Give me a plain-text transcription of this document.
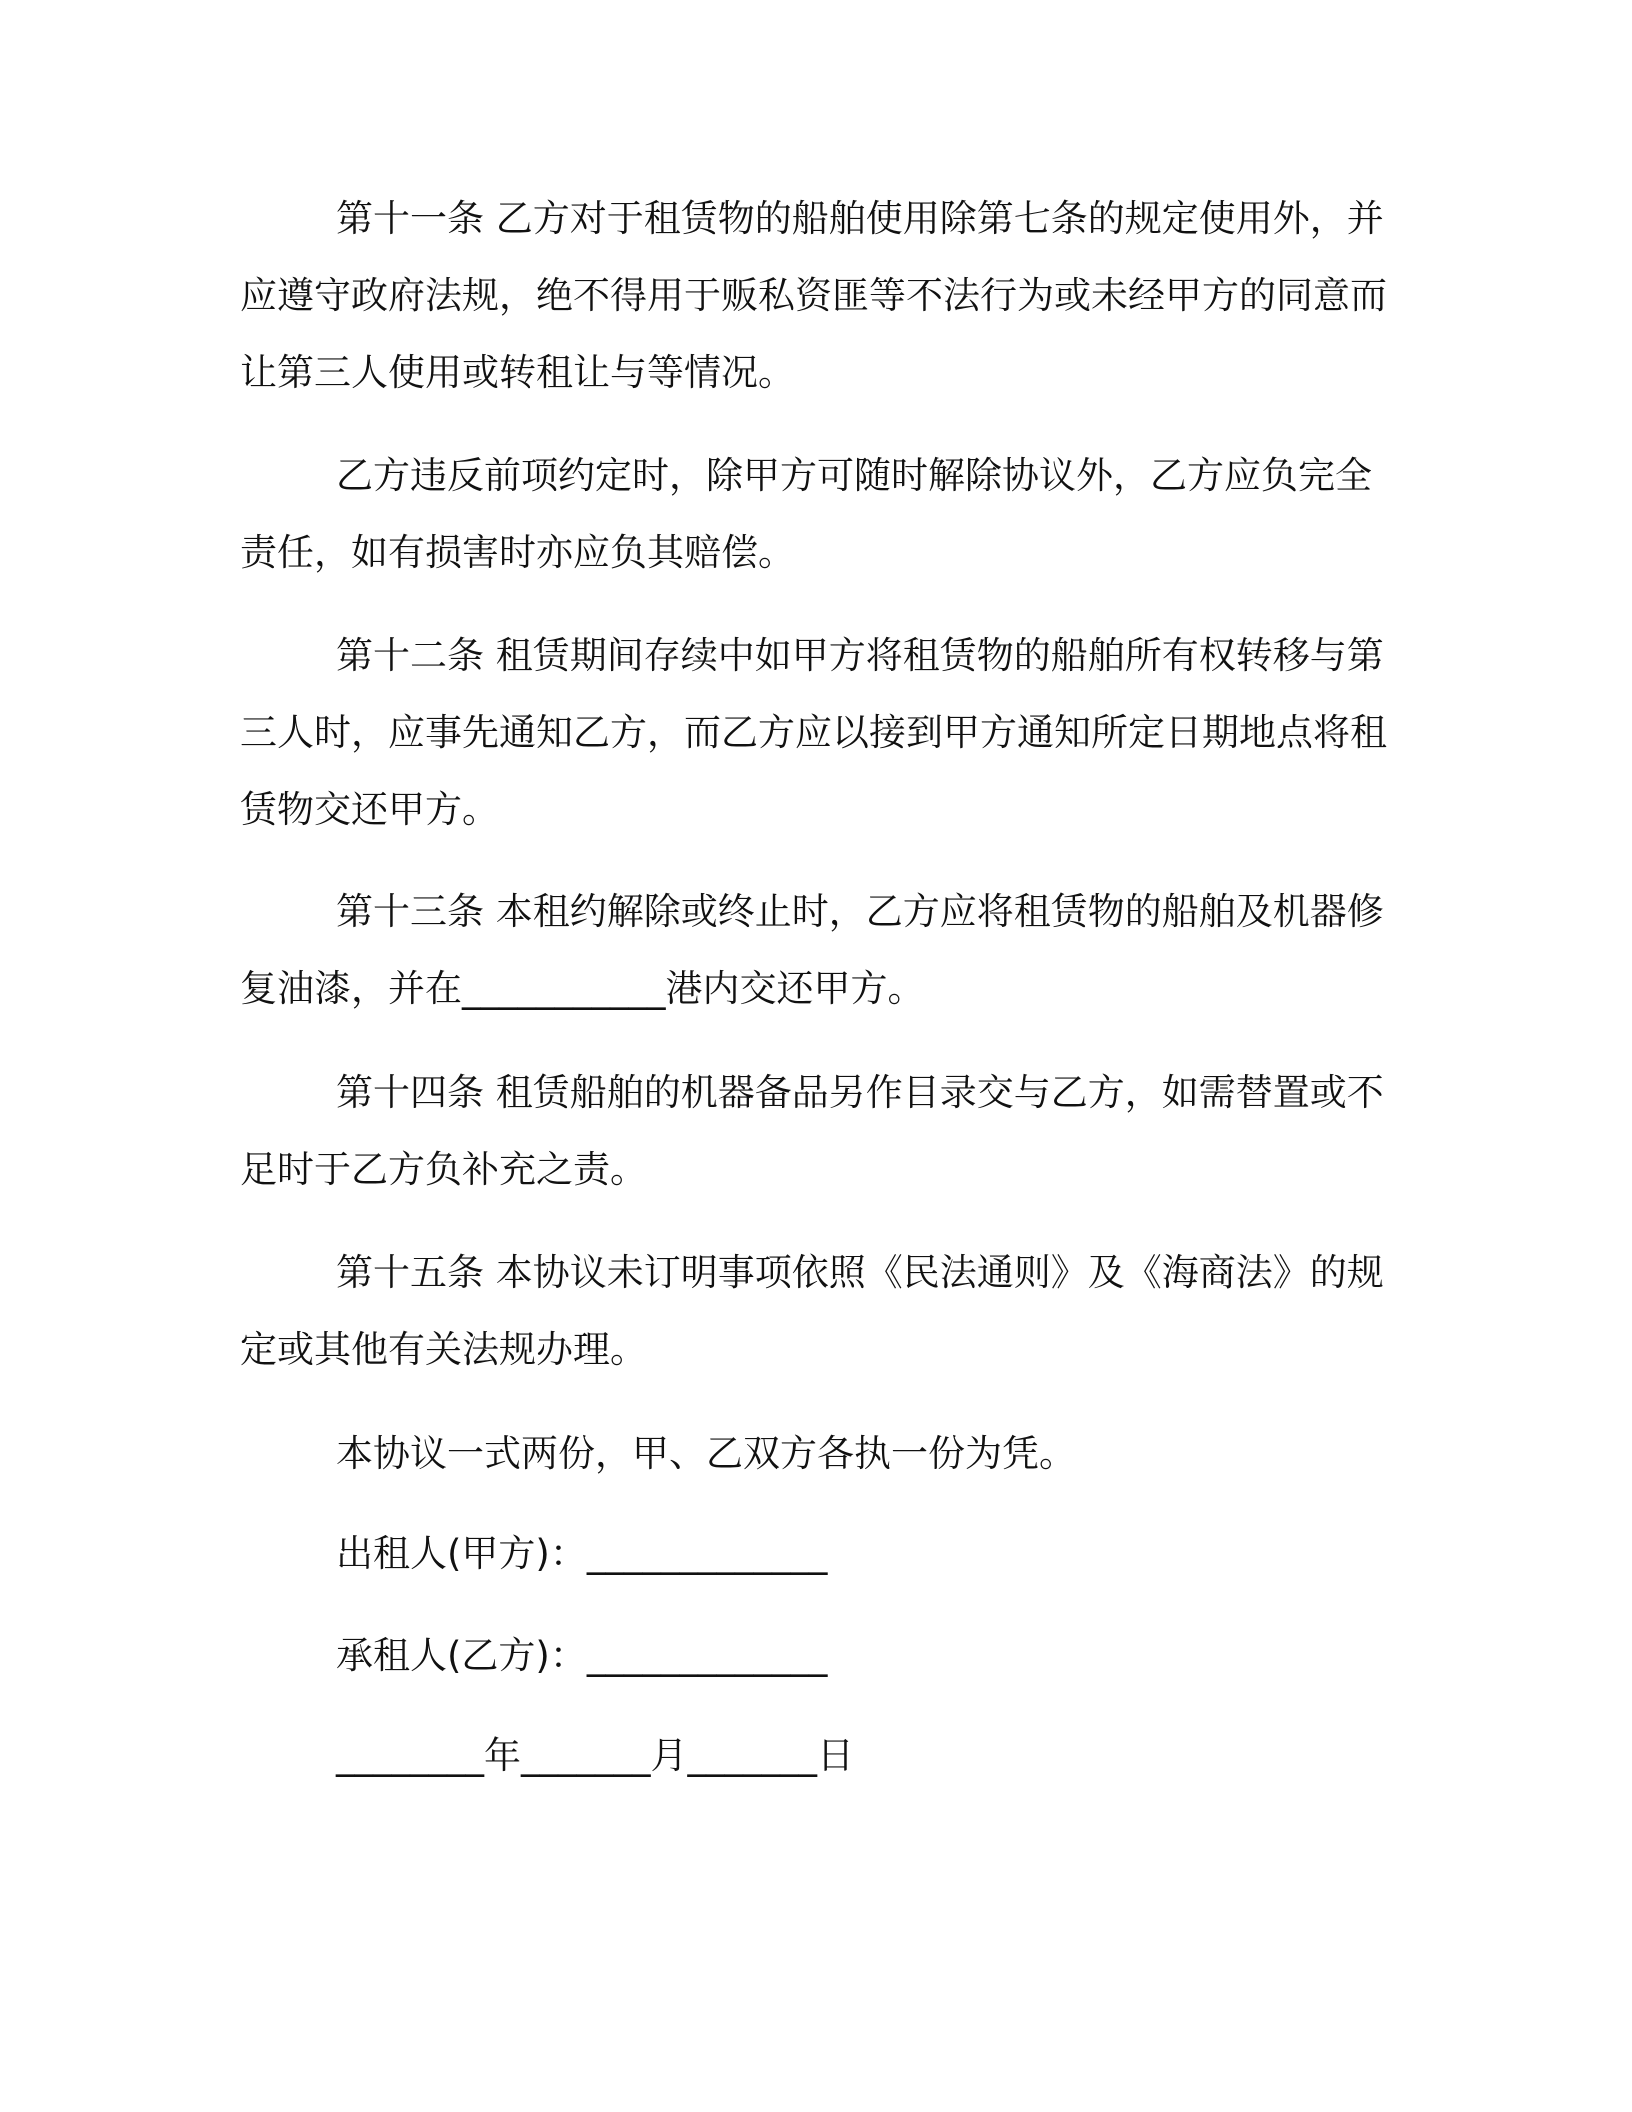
第十一条 乙方对于租赁物的船舶使用除第七条的规定使用外，并应遵守政府法规，绝不得用于贩私资匪等不法行为或未经甲方的同意而让第三人使用或转租让与等情况。

乙方违反前项约定时，除甲方可随时解除协议外，乙方应负完全责任，如有损害时亦应负其赔偿。

第十二条 租赁期间存续中如甲方将租赁物的船舶所有权转移与第三人时，应事先通知乙方，而乙方应以接到甲方通知所定日期地点将租赁物交还甲方。

第十三条 本租约解除或终止时，乙方应将租赁物的船舶及机器修复油漆，并在___________港内交还甲方。

第十四条 租赁船舶的机器备品另作目录交与乙方，如需替置或不足时于乙方负补充之责。

第十五条 本协议未订明事项依照《民法通则》及《海商法》的规定或其他有关法规办理。

本协议一式两份，甲、乙双方各执一份为凭。

出租人(甲方)：_____________

承租人(乙方)：_____________

________年_______月_______日
